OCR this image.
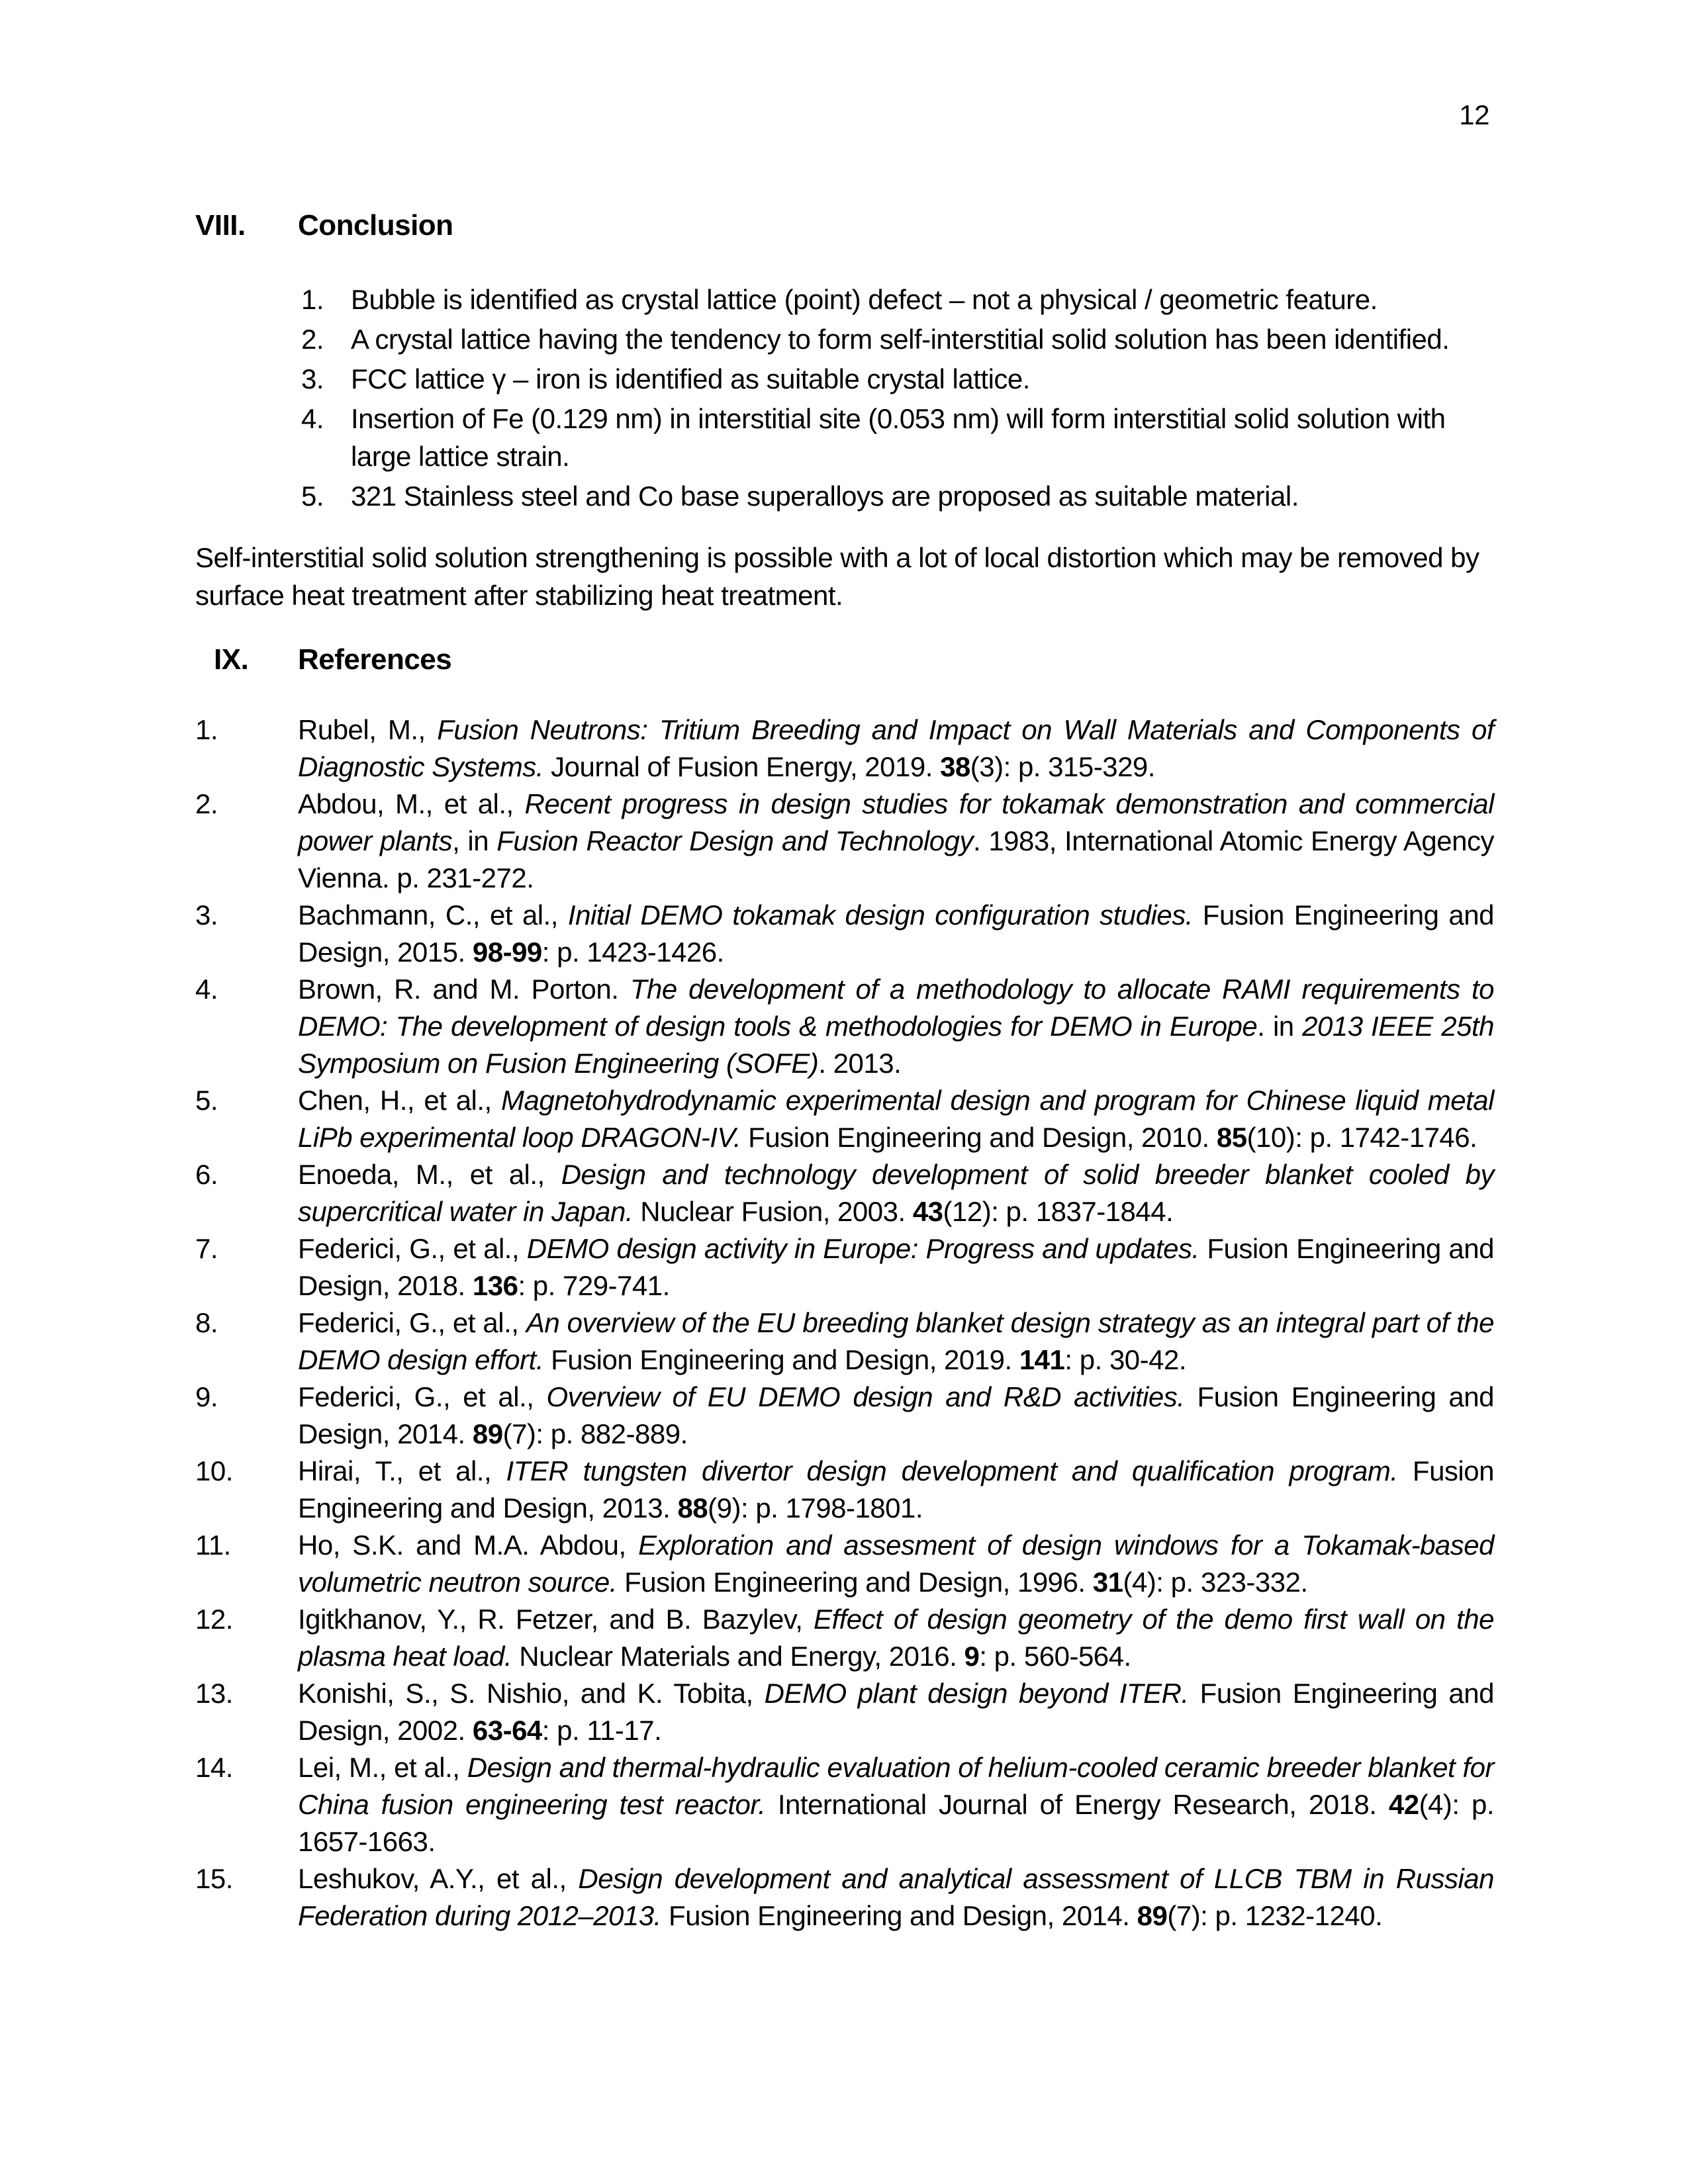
12
VIII.	Conclusion
1. Bubble is identified as crystal lattice (point) defect – not a physical / geometric feature.
2. A crystal lattice having the tendency to form self-interstitial solid solution has been identified.
3. FCC lattice γ – iron is identified as suitable crystal lattice.
4. Insertion of Fe (0.129 nm) in interstitial site (0.053 nm) will form interstitial solid solution with large lattice strain.
5. 321 Stainless steel and Co base superalloys are proposed as suitable material.

Self-interstitial solid solution strengthening is possible with a lot of local distortion which may be removed by surface heat treatment after stabilizing heat treatment.

IX.	References
1.	Rubel, M., Fusion Neutrons: Tritium Breeding and Impact on Wall Materials and Components of Diagnostic Systems. Journal of Fusion Energy, 2019. 38(3): p. 315-329.
2.	Abdou, M., et al., Recent progress in design studies for tokamak demonstration and commercial power plants, in Fusion Reactor Design and Technology. 1983, International Atomic Energy Agency Vienna. p. 231-272.
3.	Bachmann, C., et al., Initial DEMO tokamak design configuration studies. Fusion Engineering and Design, 2015. 98-99: p. 1423-1426.
4.	Brown, R. and M. Porton. The development of a methodology to allocate RAMI requirements to DEMO: The development of design tools & methodologies for DEMO in Europe. in 2013 IEEE 25th Symposium on Fusion Engineering (SOFE). 2013.
5.	Chen, H., et al., Magnetohydrodynamic experimental design and program for Chinese liquid metal LiPb experimental loop DRAGON-IV. Fusion Engineering and Design, 2010. 85(10): p. 1742-1746.
6.	Enoeda, M., et al., Design and technology development of solid breeder blanket cooled by supercritical water in Japan. Nuclear Fusion, 2003. 43(12): p. 1837-1844.
7.	Federici, G., et al., DEMO design activity in Europe: Progress and updates. Fusion Engineering and Design, 2018. 136: p. 729-741.
8.	Federici, G., et al., An overview of the EU breeding blanket design strategy as an integral part of the DEMO design effort. Fusion Engineering and Design, 2019. 141: p. 30-42.
9.	Federici, G., et al., Overview of EU DEMO design and R&D activities. Fusion Engineering and Design, 2014. 89(7): p. 882-889.
10.	Hirai, T., et al., ITER tungsten divertor design development and qualification program. Fusion Engineering and Design, 2013. 88(9): p. 1798-1801.
11.	Ho, S.K. and M.A. Abdou, Exploration and assesment of design windows for a Tokamak-based volumetric neutron source. Fusion Engineering and Design, 1996. 31(4): p. 323-332.
12.	Igitkhanov, Y., R. Fetzer, and B. Bazylev, Effect of design geometry of the demo first wall on the plasma heat load. Nuclear Materials and Energy, 2016. 9: p. 560-564.
13.	Konishi, S., S. Nishio, and K. Tobita, DEMO plant design beyond ITER. Fusion Engineering and Design, 2002. 63-64: p. 11-17.
14.	Lei, M., et al., Design and thermal-hydraulic evaluation of helium-cooled ceramic breeder blanket for China fusion engineering test reactor. International Journal of Energy Research, 2018. 42(4): p. 1657-1663.
15.	Leshukov, A.Y., et al., Design development and analytical assessment of LLCB TBM in Russian Federation during 2012–2013. Fusion Engineering and Design, 2014. 89(7): p. 1232-1240.
